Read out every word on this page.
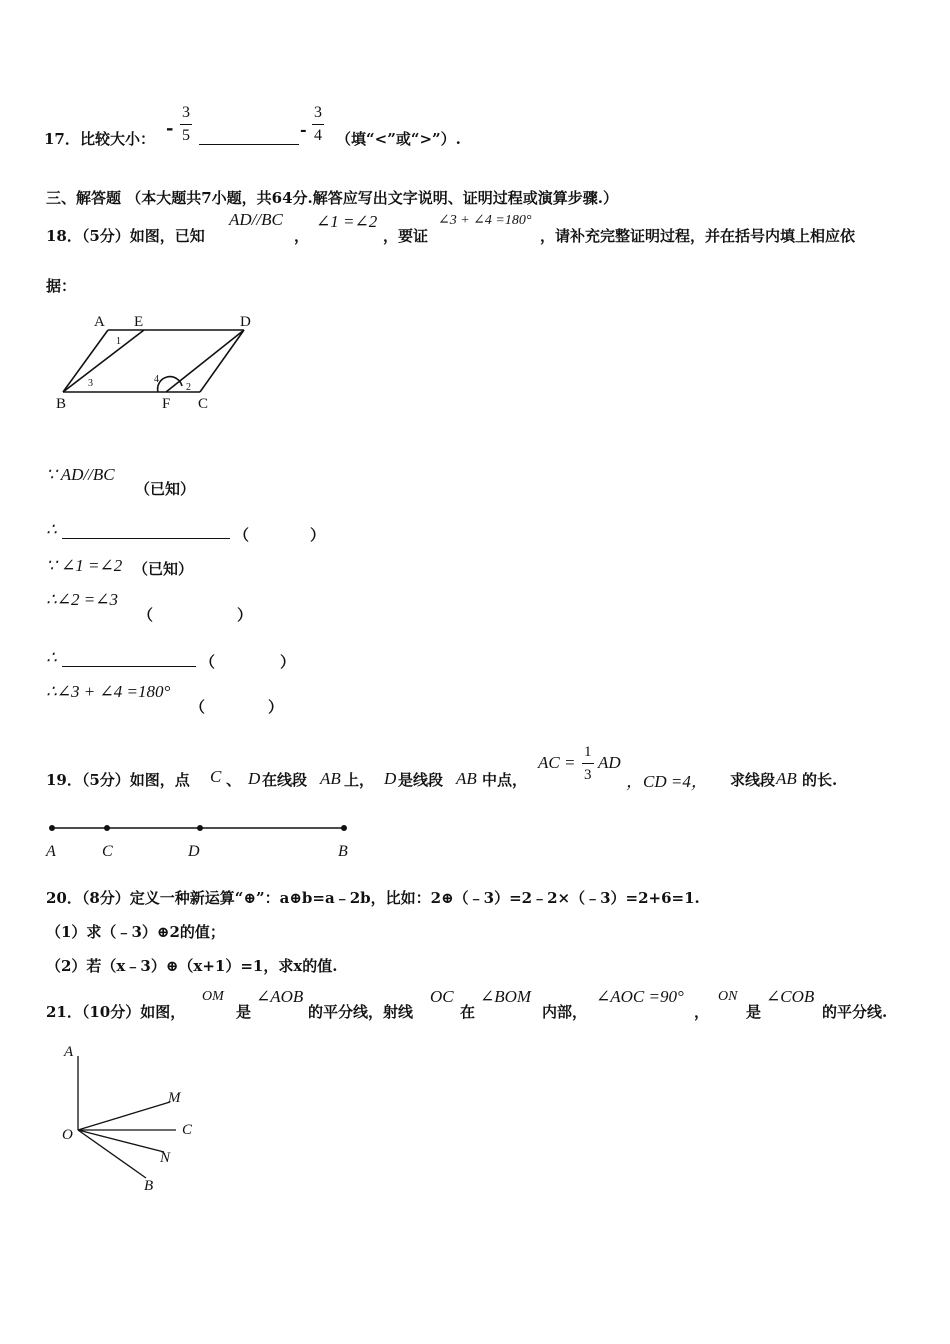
17． 比较大小： - $\frac{3}{5}$	- $\frac{3}{4}$ （填“<”或“>”）.
三、解答题 （本大题共7小题，共64分.解答应写出文字说明、证明过程或演算步骤.）
18．（5分）如图，已知
AD//BC
，
∠1 =∠2
，要证
∠3 + ∠4 =180°
，请补充完整证明过程，并在括号内填上相应依
据：
A E	D
B	F C
1
2
3	4
∵ AD//BC
（已知）
∴	（	）
∵ ∠1 =∠2 （已知）
∴∠2 =∠3
（	）
∴	（	）
∴∠3 + ∠4 =180°
（	）
19．（5分）如图，点 C 、 D 在线段 AB 上， D 是线段 AB 中点，
AC = $\frac{1}{3}$ AD
，CD =4， 求线段 AB 的长.
A	C	D	B
20．（8分）定义一种新运算“⊕”：a⊕b=a﹣2b，比如：2⊕（﹣3）=2﹣2×（﹣3）=2+6=1.
（1）求（﹣3）⊕2的值；
（2）若（x﹣3）⊕（x+1）=1，求x的值.
21．（10分）如图，
OM
是
∠AOB
的平分线，射线
OC
在
∠BOM
内部，
∠AOC =90°
，
ON
是
∠COB
的平分线.
A
M
C
O
N
B
